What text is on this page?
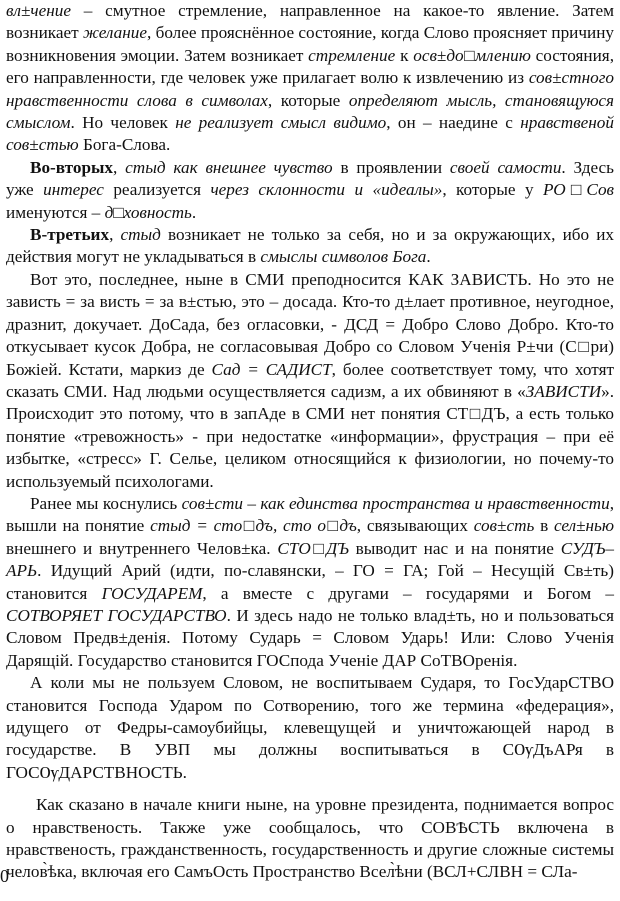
вл±чение – смутное стремление, направленное на какое-то явление. Затем возникает желание, более прояснённое состояние, когда Слово проясняет причину возникновения эмоции. Затем возникает стремление к осв±до□млению состояния, его направленности, где человек уже прилагает волю к извлечению из сов±стного нравственности слова в символах, которые определяют мысль, становящуюся смыслом. Но человек не реализует смысл видимо, он – наедине с нравственой сов±стью Бога-Слова.

Во-вторых, стыд как внешнее чувство в проявлении своей самости. Здесь уже интерес реализуется через склонности и «идеалы», которые у РО□Сов именуются – д□ховность.

В-третьих, стыд возникает не только за себя, но и за окружающих, ибо их действия могут не укладываться в смыслы символов Бога.

Вот это, последнее, ныне в СМИ преподносится КАК ЗАВИСТЬ. Но это не зависть = за висть = за в±стью, это – досада. Кто-то д±лает противное, неугодное, дразнит, докучает. ДоСада, без огласовки, - ДСД = Добро Слово Добро. Кто-то откусывает кусок Добра, не согласовывая Добро со Словом Ученія Р±чи (С□ри) Божіей. Кстати, маркиз де Сад = САДИСТ, более соответствует тому, что хотят сказать СМИ. Над людьми осуществляется садизм, а их обвиняют в «ЗАВИСТИ». Происходит это потому, что в запАде в СМИ нет понятия СТ□ДЪ, а есть только понятие «тревожность» - при недостатке «информации», фрустрация – при её избытке, «стресс» Г. Селье, целиком относящийся к физиологии, но почему-то используемый психологами.

Ранее мы коснулись сов±сти – как единства пространства и нравственности, вышли на понятие стыд = сто□дъ, сто о□дъ, связывающих сов±сть в сел±нью внешнего и внутреннего Челов±ка. СТО□ДЪ выводит нас и на понятие СУДЪ–АРЬ. Идущий Арий (идти, по-славянски, – ГО = ГА; Гой – Несущій Св±ть) становится ГОСУДАРЕМ, а вместе с другами – государями и Богом – СОТВОРЯЕТ ГОСУДАРСТВО. И здесь надо не только влад±ть, но и пользоваться Словом Предв±денія. Потому Сударь = Словом Ударь! Или: Слово Ученія Дарящій. Государство становится ГОСпода Ученіе ДАР СоТВОренія.

А коли мы не пользуем Словом, не воспитываем Сударя, то ГосУдарСТВО становится Господа Ударом по Сотворению, того же термина «федерация», идущего от Федры-самоубийцы, клевещущей и уничтожающей народ в государстве. В УВП мы должны воспитываться в СѸДъАРя в ГОСѸДАРСТВНОСТЬ.

Как сказано в начале книги ныне, на уровне президента, поднимается вопрос о нравственость. Также уже сообщалось, что СОВѢСТЬ включена в нравственость, гражданственность, государственность и другие сложные системы челов̀ѣка, включая его СамъОсть Пространство Всел̀ѣни (ВСЛ+СЛВН = СЛа-

0
